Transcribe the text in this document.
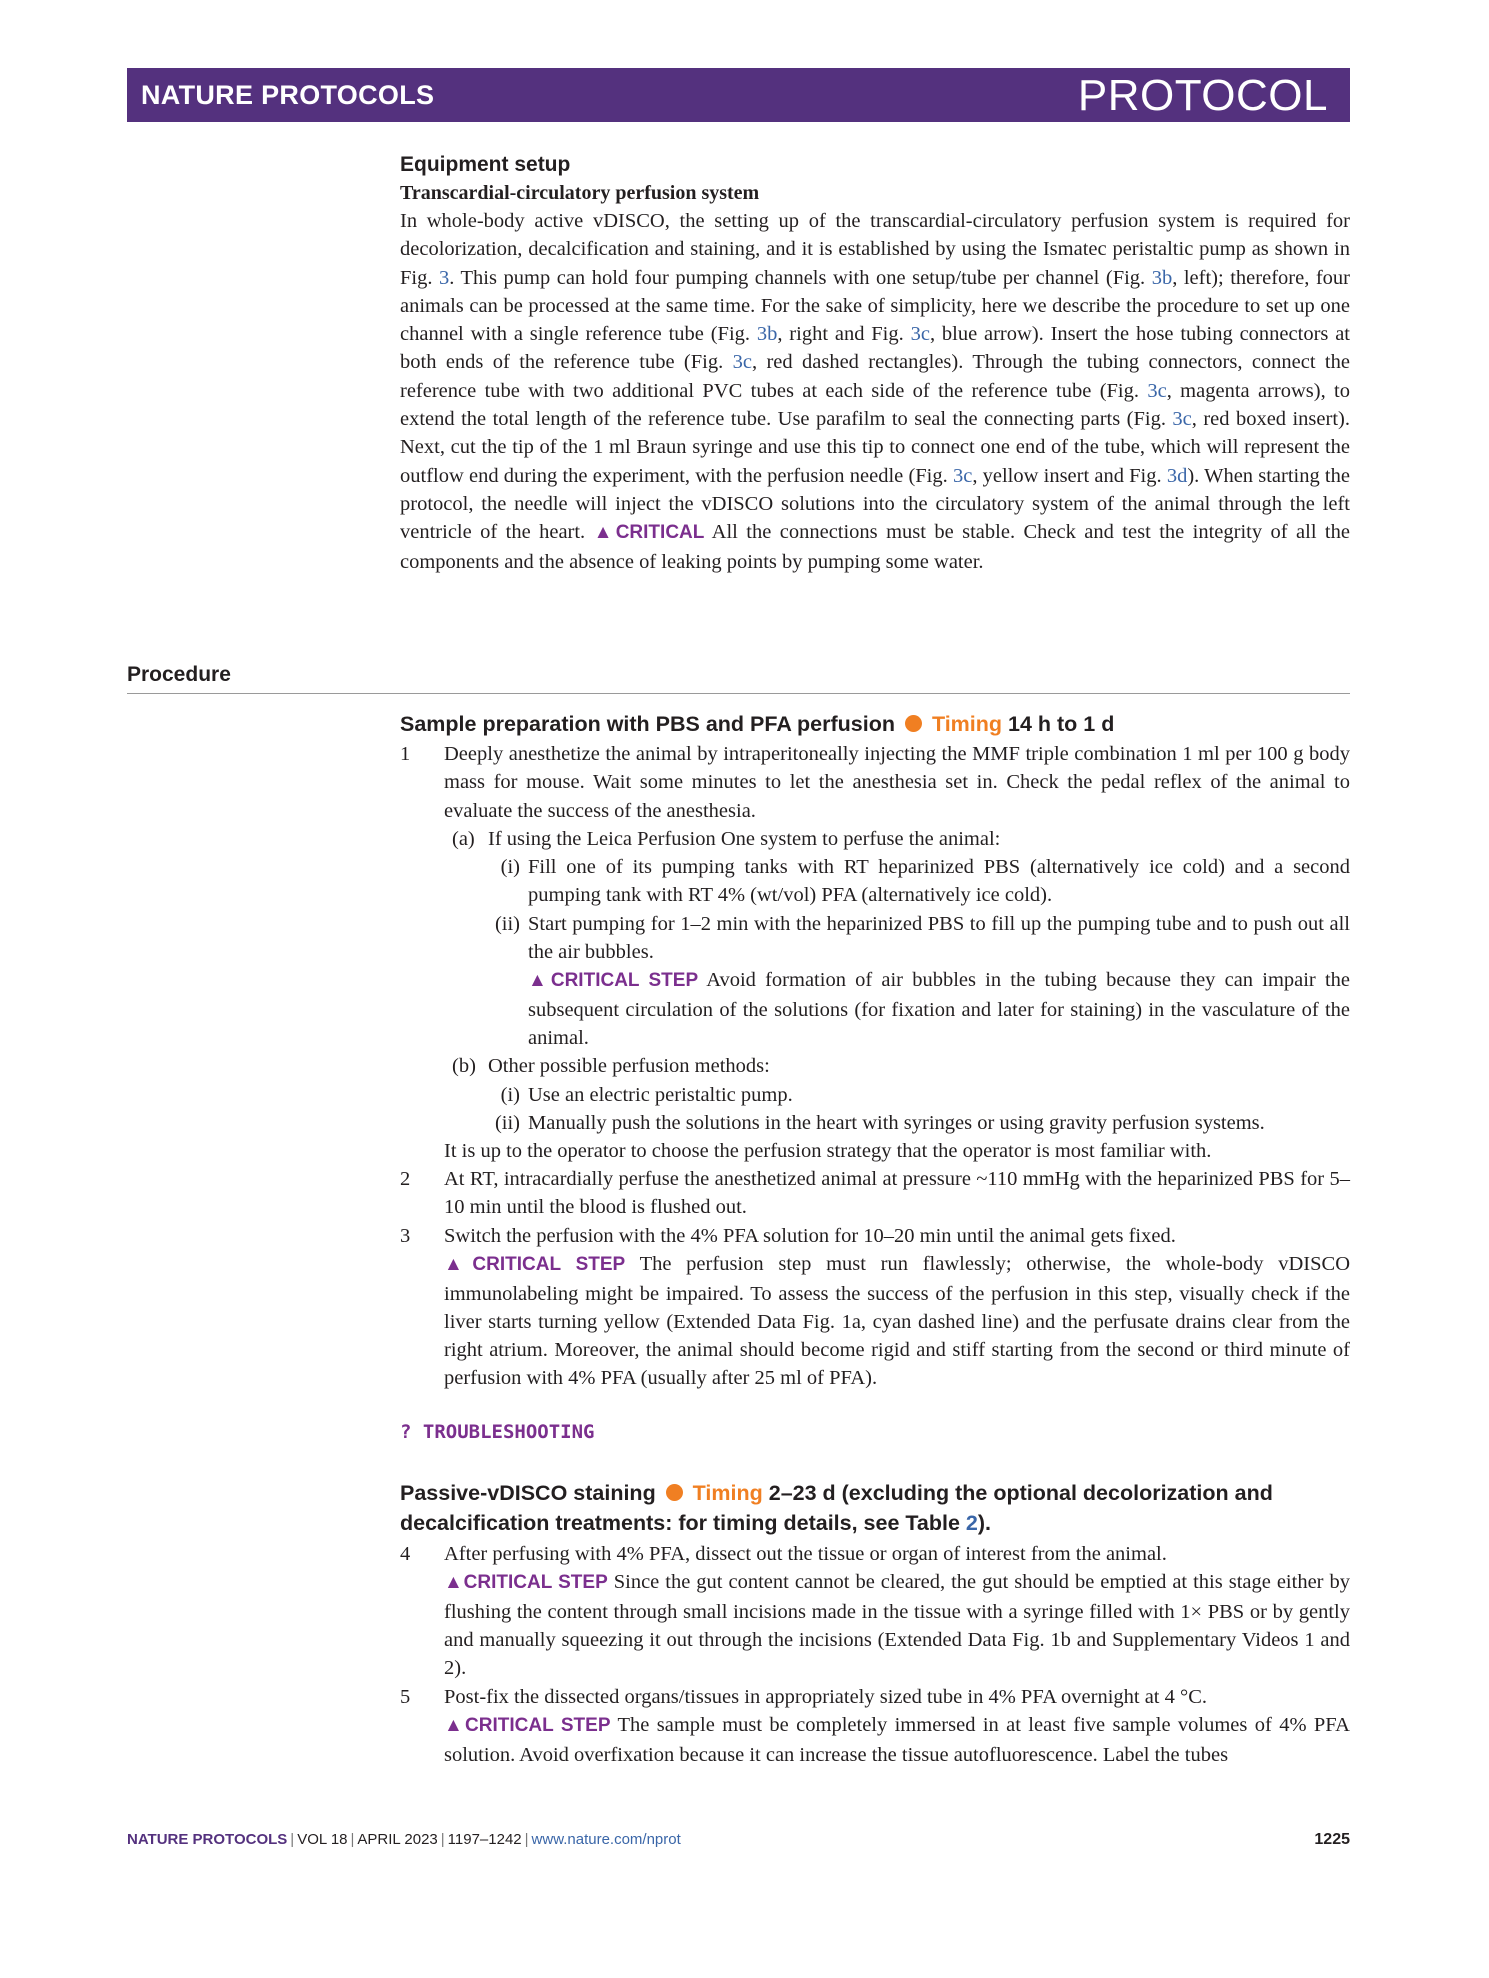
NATURE PROTOCOLS	PROTOCOL
Equipment setup
Transcardial-circulatory perfusion system

In whole-body active vDISCO, the setting up of the transcardial-circulatory perfusion system is required for decolorization, decalcification and staining, and it is established by using the Ismatec peristaltic pump as shown in Fig. 3. This pump can hold four pumping channels with one setup/tube per channel (Fig. 3b, left); therefore, four animals can be processed at the same time. For the sake of simplicity, here we describe the procedure to set up one channel with a single reference tube (Fig. 3b, right and Fig. 3c, blue arrow). Insert the hose tubing connectors at both ends of the reference tube (Fig. 3c, red dashed rectangles). Through the tubing connectors, connect the reference tube with two additional PVC tubes at each side of the reference tube (Fig. 3c, magenta arrows), to extend the total length of the reference tube. Use parafilm to seal the connecting parts (Fig. 3c, red boxed insert). Next, cut the tip of the 1 ml Braun syringe and use this tip to connect one end of the tube, which will represent the outflow end during the experiment, with the perfusion needle (Fig. 3c, yellow insert and Fig. 3d). When starting the protocol, the needle will inject the vDISCO solutions into the circulatory system of the animal through the left ventricle of the heart. ▲CRITICAL All the connections must be stable. Check and test the integrity of all the components and the absence of leaking points by pumping some water.

Procedure
Sample preparation with PBS and PFA perfusion Timing 14 h to 1 d
1 Deeply anesthetize the animal by intraperitoneally injecting the MMF triple combination 1 ml per 100 g body mass for mouse. Wait some minutes to let the anesthesia set in. Check the pedal reflex of the animal to evaluate the success of the anesthesia.
(a) If using the Leica Perfusion One system to perfuse the animal:
(i) Fill one of its pumping tanks with RT heparinized PBS (alternatively ice cold) and a second pumping tank with RT 4% (wt/vol) PFA (alternatively ice cold).
(ii) Start pumping for 1–2 min with the heparinized PBS to fill up the pumping tube and to push out all the air bubbles.
▲CRITICAL STEP Avoid formation of air bubbles in the tubing because they can impair the subsequent circulation of the solutions (for fixation and later for staining) in the vasculature of the animal.
(b) Other possible perfusion methods:
(i) Use an electric peristaltic pump.
(ii) Manually push the solutions in the heart with syringes or using gravity perfusion systems.
It is up to the operator to choose the perfusion strategy that the operator is most familiar with.
2 At RT, intracardially perfuse the anesthetized animal at pressure ~110 mmHg with the heparinized PBS for 5–10 min until the blood is flushed out.
3 Switch the perfusion with the 4% PFA solution for 10–20 min until the animal gets fixed.
▲CRITICAL STEP The perfusion step must run flawlessly; otherwise, the whole-body vDISCO immunolabeling might be impaired. To assess the success of the perfusion in this step, visually check if the liver starts turning yellow (Extended Data Fig. 1a, cyan dashed line) and the perfusate drains clear from the right atrium. Moreover, the animal should become rigid and stiff starting from the second or third minute of perfusion with 4% PFA (usually after 25 ml of PFA).
? TROUBLESHOOTING
Passive-vDISCO staining Timing 2–23 d (excluding the optional decolorization and decalcification treatments: for timing details, see Table 2).
4 After perfusing with 4% PFA, dissect out the tissue or organ of interest from the animal.
▲CRITICAL STEP Since the gut content cannot be cleared, the gut should be emptied at this stage either by flushing the content through small incisions made in the tissue with a syringe filled with 1× PBS or by gently and manually squeezing it out through the incisions (Extended Data Fig. 1b and Supplementary Videos 1 and 2).
5 Post-fix the dissected organs/tissues in appropriately sized tube in 4% PFA overnight at 4 °C.
▲CRITICAL STEP The sample must be completely immersed in at least five sample volumes of 4% PFA solution. Avoid overfixation because it can increase the tissue autofluorescence. Label the tubes
NATURE PROTOCOLS | VOL 18 | APRIL 2023 | 1197–1242 | www.nature.com/nprot	1225
